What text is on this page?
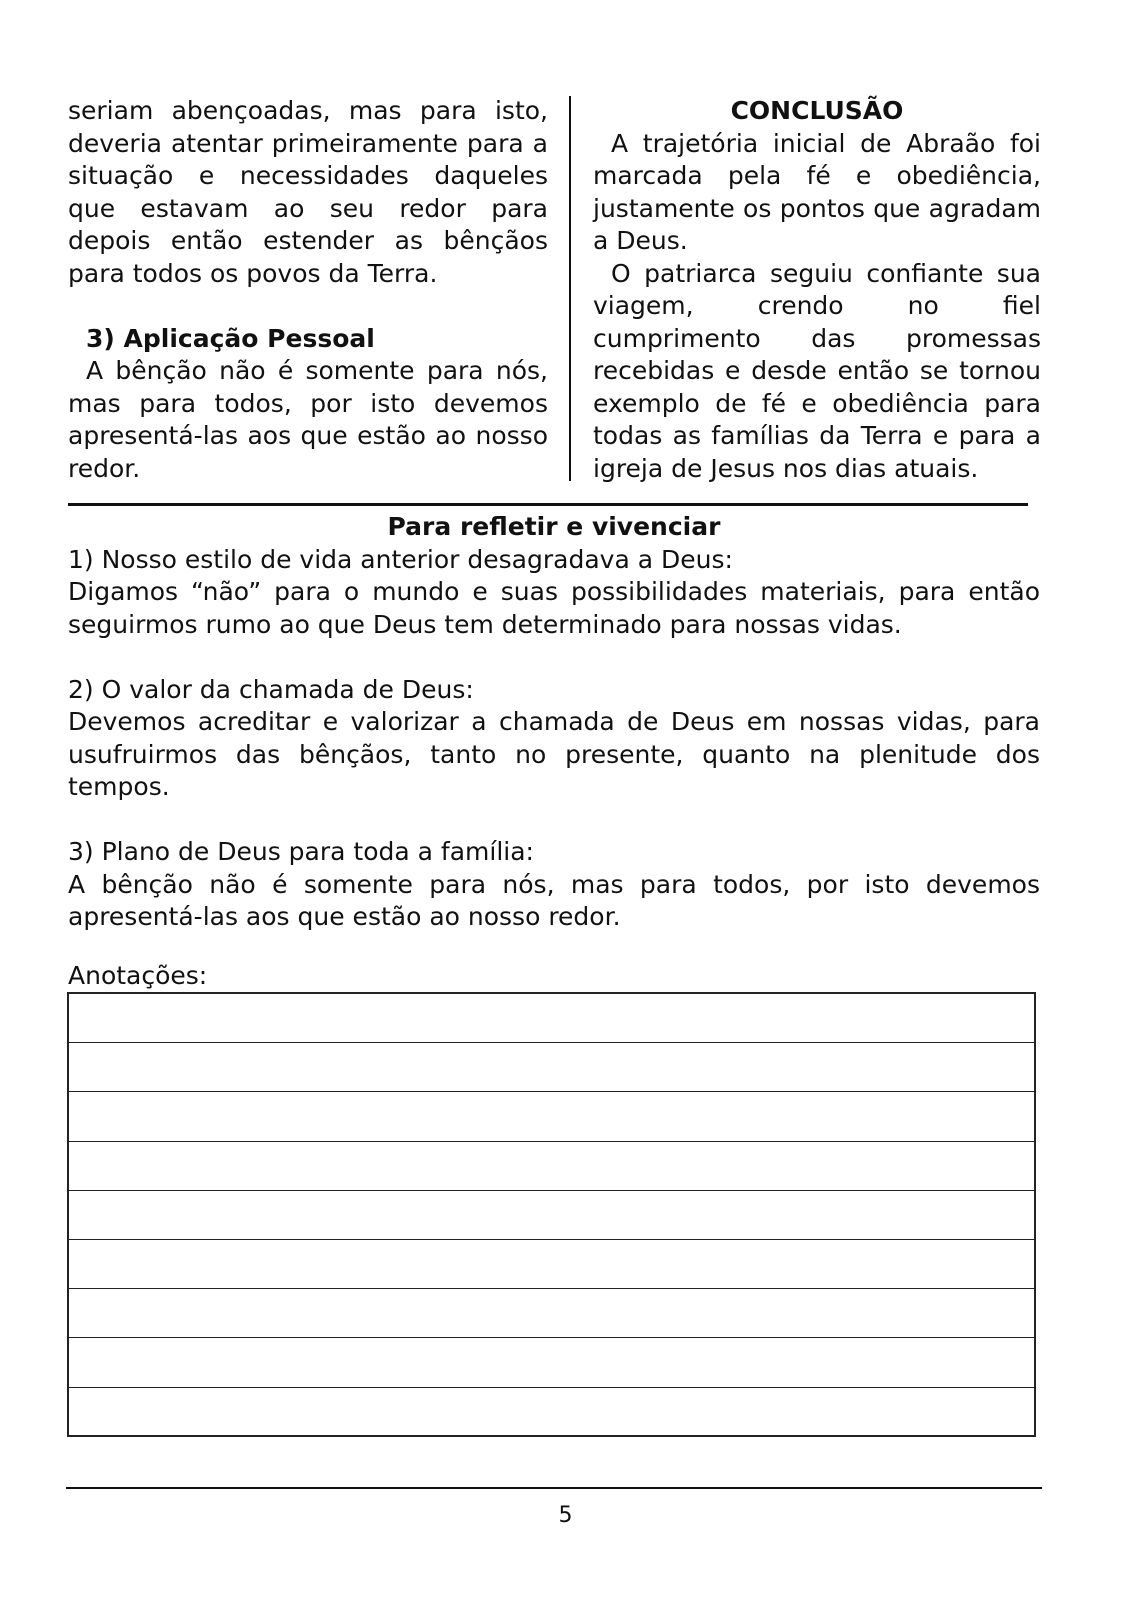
seriam abençoadas, mas para isto, deveria atentar primeiramente para a situação e necessidades daqueles que estavam ao seu redor para depois então estender as bênçãos para todos os povos da Terra.

3) Aplicação Pessoal

A bênção não é somente para nós, mas para todos, por isto devemos apresentá-las aos que estão ao nosso redor.

CONCLUSÃO

A trajetória inicial de Abraão foi marcada pela fé e obediência, justamente os pontos que agradam a Deus.

O patriarca seguiu confiante sua viagem, crendo no fiel cumprimento das promessas recebidas e desde então se tornou exemplo de fé e obediência para todas as famílias da Terra e para a igreja de Jesus nos dias atuais.

Para refletir e vivenciar

1) Nosso estilo de vida anterior desagradava a Deus:

Digamos “não” para o mundo e suas possibilidades materiais, para então seguirmos rumo ao que Deus tem determinado para nossas vidas.

2) O valor da chamada de Deus:

Devemos acreditar e valorizar a chamada de Deus em nossas vidas, para usufruirmos das bênçãos, tanto no presente, quanto na plenitude dos tempos.

3) Plano de Deus para toda a família:

A bênção não é somente para nós, mas para todos, por isto devemos apresentá-las aos que estão ao nosso redor.

Anotações:

5
